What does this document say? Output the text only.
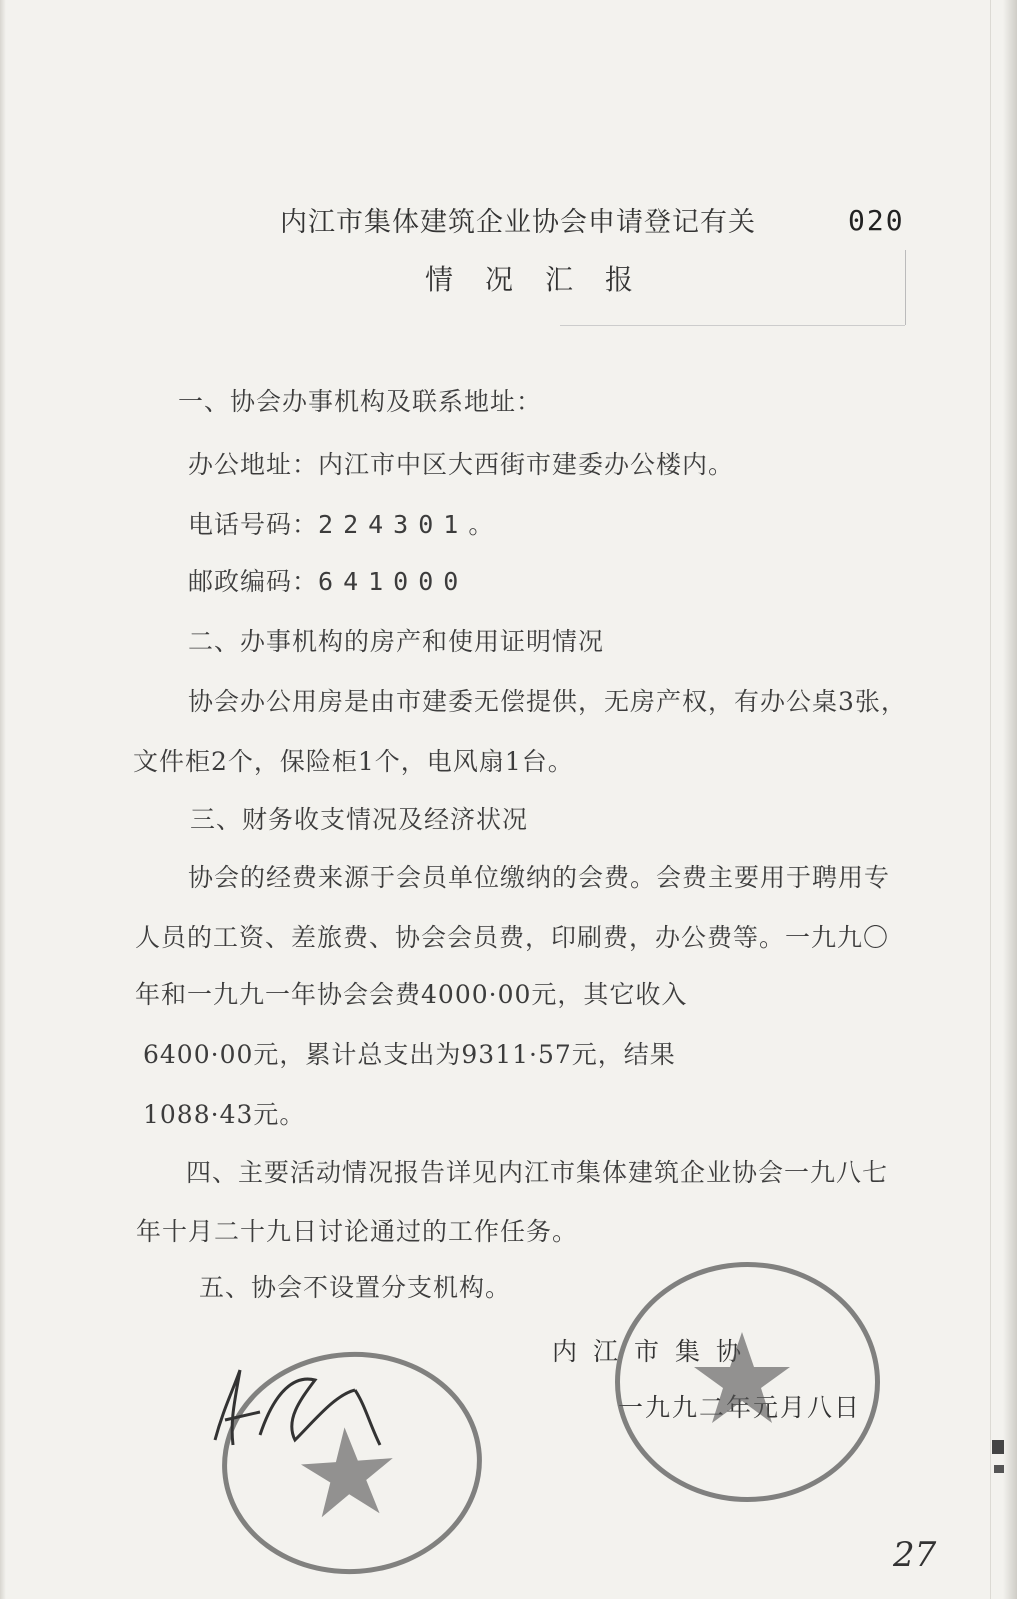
内江市集体建筑企业协会申请登记有关	020
情况汇报
一、协会办事机构及联系地址：
办公地址：内江市中区大西街市建委办公楼内。
电话号码：224301。
邮政编码：641000
二、办事机构的房产和使用证明情况
协会办公用房是由市建委无偿提供，无房产权，有办公桌3张，
文件柜2个，保险柜1个，电风扇1台。
三、财务收支情况及经济状况
协会的经费来源于会员单位缴纳的会费。会费主要用于聘用专
人员的工资、差旅费、协会会员费，印刷费，办公费等。一九九〇
年和一九九一年协会会费4000·00元，其它收入
6400·00元，累计总支出为9311·57元，结果
1088·43元。
四、主要活动情况报告详见内江市集体建筑企业协会一九八七
年十月二十九日讨论通过的工作任务。
五、协会不设置分支机构。
内江市集协
一九九二年元月八日
27
